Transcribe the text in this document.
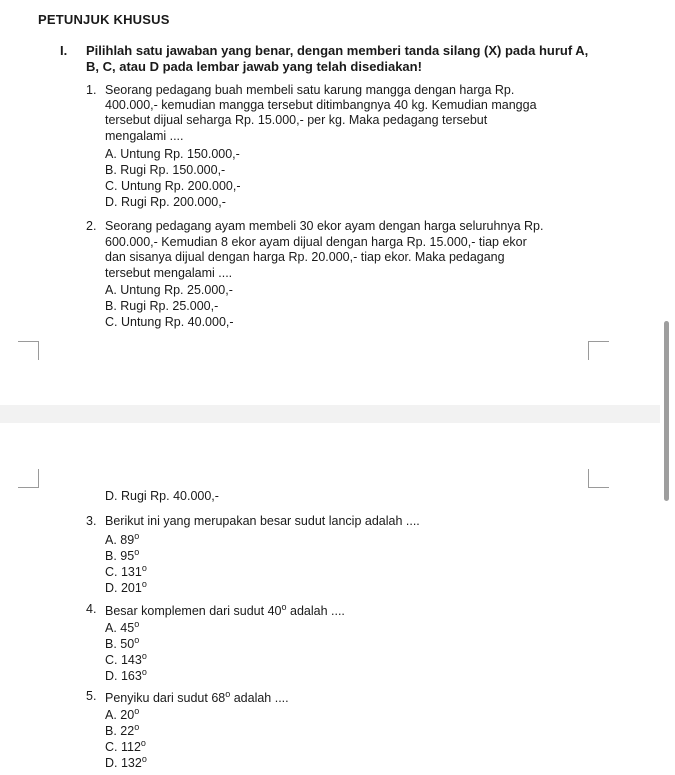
PETUNJUK KHUSUS
I. Pilihlah satu jawaban yang benar, dengan memberi tanda silang (X) pada huruf A,
B, C, atau D pada lembar jawab yang telah disediakan!
1. Seorang pedagang buah membeli satu karung mangga dengan harga Rp.
400.000,- kemudian mangga tersebut ditimbangnya 40 kg. Kemudian mangga
tersebut dijual seharga Rp. 15.000,- per kg. Maka pedagang tersebut
mengalami ....
A. Untung Rp. 150.000,-
B. Rugi Rp. 150.000,-
C. Untung Rp. 200.000,-
D. Rugi Rp. 200.000,-
2. Seorang pedagang ayam membeli 30 ekor ayam dengan harga seluruhnya Rp.
600.000,- Kemudian 8 ekor ayam dijual dengan harga Rp. 15.000,- tiap ekor
dan sisanya dijual dengan harga Rp. 20.000,- tiap ekor. Maka pedagang
tersebut mengalami ....
A. Untung Rp. 25.000,-
B. Rugi Rp. 25.000,-
C. Untung Rp. 40.000,-
D. Rugi Rp. 40.000,-
3. Berikut ini yang merupakan besar sudut lancip adalah ....
A. 89$^o$
B. 95$^o$
C. 131$^o$
D. 201$^o$
4. Besar komplemen dari sudut 40$^o$ adalah ....
A. 45$^o$
B. 50$^o$
C. 143$^o$
D. 163$^o$
5. Penyiku dari sudut 68$^o$ adalah ....
A. 20$^o$
B. 22$^o$
C. 112$^o$
D. 132$^o$
